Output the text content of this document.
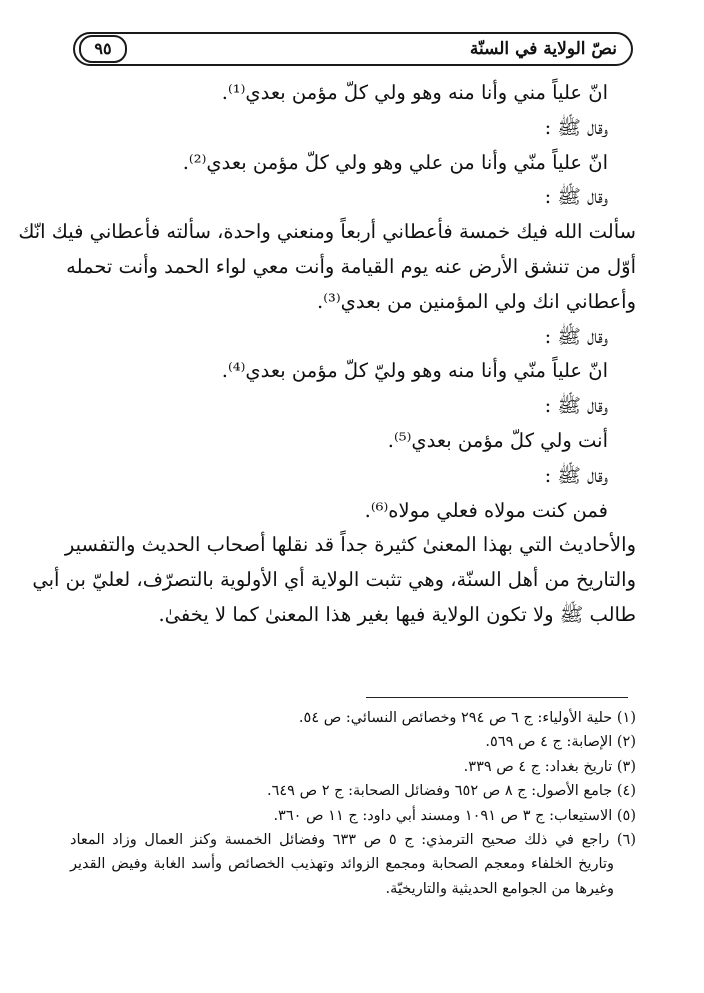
نصّ الولاية في السنّة
٩٥
انّ علياً مني وأنا منه وهو ولي كلّ مؤمن بعدي⁽¹⁾.
وقال ﷺ :
انّ علياً منّي وأنا من علي وهو ولي كلّ مؤمن بعدي⁽²⁾.
وقال ﷺ :
سألت الله فيك خمسة فأعطاني أربعاً ومنعني واحدة، سألته فأعطاني فيك انّك
أوّل من تنشق الأرض عنه يوم القيامة وأنت معي لواء الحمد وأنت تحمله
وأعطاني انك ولي المؤمنين من بعدي⁽³⁾.
وقال ﷺ :
انّ علياً منّي وأنا منه وهو وليّ كلّ مؤمن بعدي⁽⁴⁾.
وقال ﷺ :
أنت ولي كلّ مؤمن بعدي⁽⁵⁾.
وقال ﷺ :
فمن كنت مولاه فعلي مولاه⁽⁶⁾.
والأحاديث التي بهذا المعنىٰ كثيرة جداً قد نقلها أصحاب الحديث والتفسير
والتاريخ من أهل السنّة، وهي تثبت الولاية أي الأولوية بالتصرّف، لعليّ بن أبي
طالب ﷺ ولا تكون الولاية فيها بغير هذا المعنىٰ كما لا يخفىٰ.
(١) حلية الأولياء: ج ٦ ص ٢٩٤ وخصائص النسائي: ص ٥٤.
(٢) الإصابة: ج ٤ ص ٥٦٩.
(٣) تاريخ بغداد: ج ٤ ص ٣٣٩.
(٤) جامع الأصول: ج ٨ ص ٦٥٢ وفضائل الصحابة: ج ٢ ص ٦٤٩.
(٥) الاستيعاب: ج ٣ ص ١٠٩١ ومسند أبي داود: ج ١١ ص ٣٦٠.
(٦) راجع في ذلك صحيح الترمذي: ج ٥ ص ٦٣٣ وفضائل الخمسة وكنز العمال وزاد المعاد
وتاريخ الخلفاء ومعجم الصحابة ومجمع الزوائد وتهذيب الخصائص وأسد الغابة وفيض القدير
وغيرها من الجوامع الحديثية والتاريخيّة.
